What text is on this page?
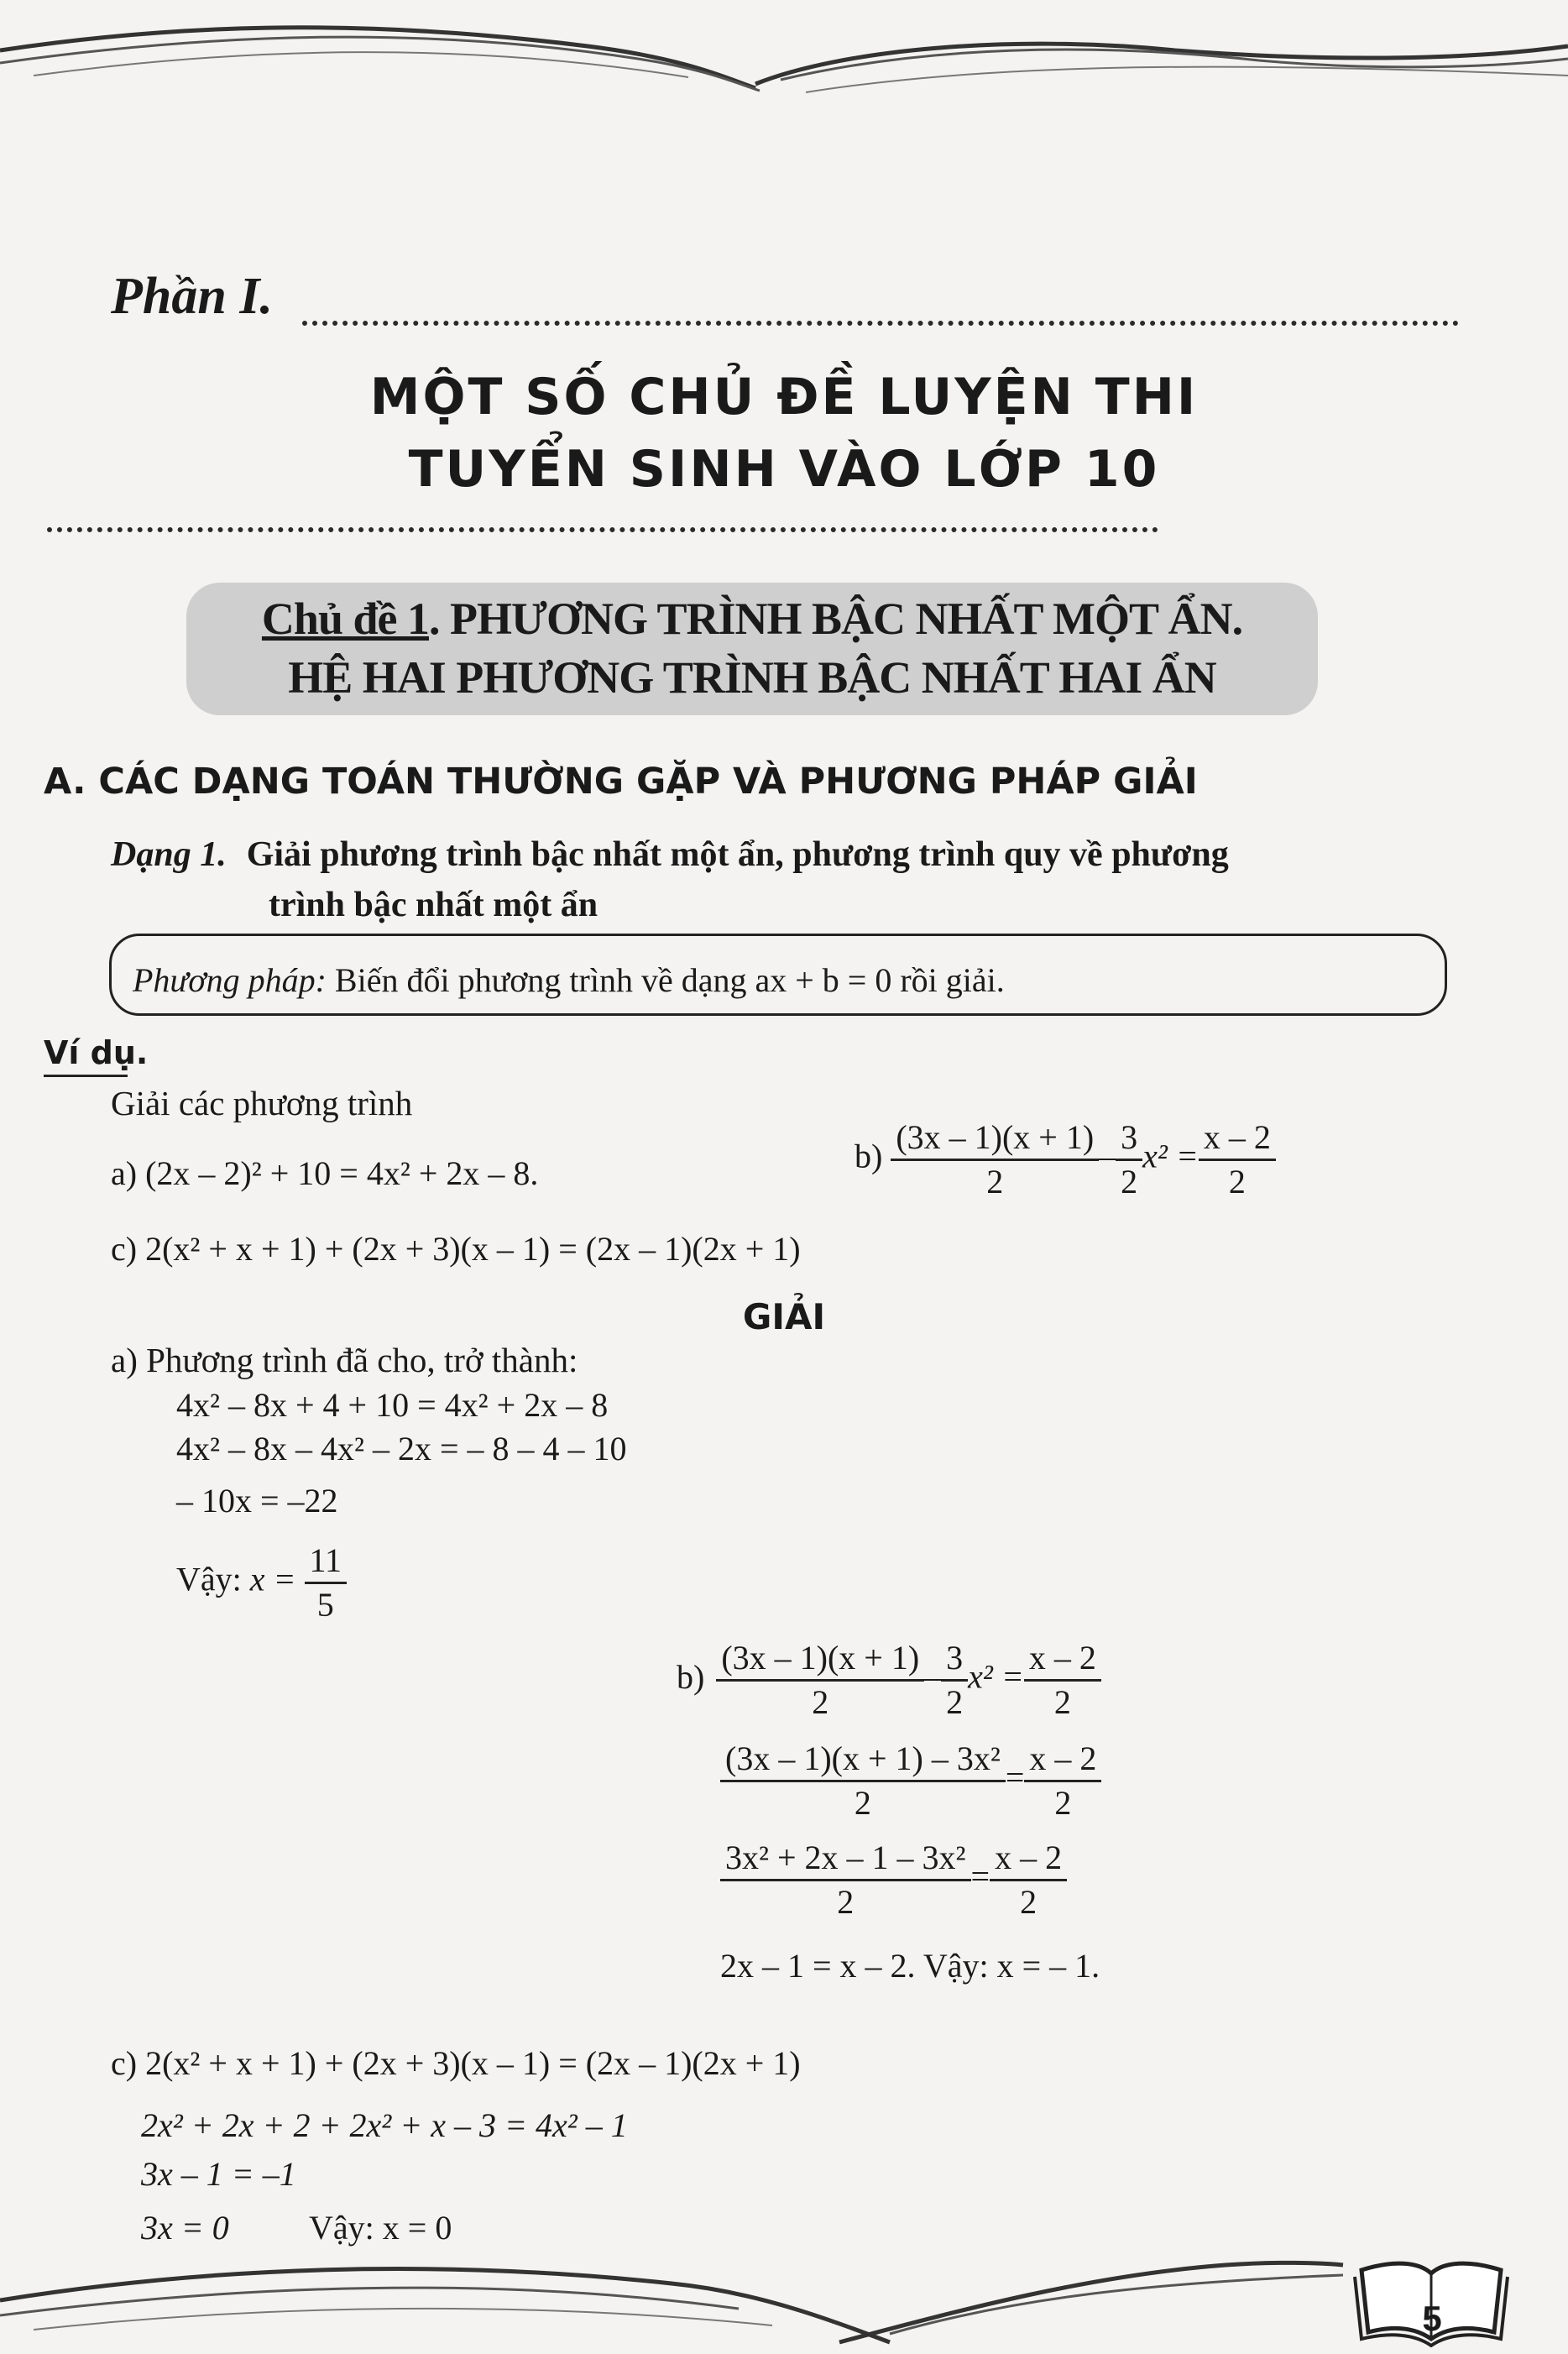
Phần I.
MỘT SỐ CHỦ ĐỀ LUYỆN THI
TUYỂN SINH VÀO LỚP 10
Chủ đề 1. PHƯƠNG TRÌNH BẬC NHẤT MỘT ẨN.
HỆ HAI PHƯƠNG TRÌNH BẬC NHẤT HAI ẨN
A. CÁC DẠNG TOÁN THƯỜNG GẶP VÀ PHƯƠNG PHÁP GIẢI
Dạng 1. Giải phương trình bậc nhất một ẩn, phương trình quy về phương
trình bậc nhất một ẩn
Phương pháp: Biến đổi phương trình về dạng ax + b = 0 rồi giải.
Ví dụ.
Giải các phương trình
a) (2x – 2)² + 10 = 4x² + 2x – 8.	$b) \frac{(3x - 1)(x + 1)}{2} - \frac{3}{2} x^2 = \frac{x - 2}{2}$
c) 2(x² + x + 1) + (2x + 3)(x – 1) = (2x – 1)(2x + 1)
GIẢI
a) Phương trình đã cho, trở thành:
4x² – 8x + 4 + 10 = 4x² + 2x – 8
4x² – 8x – 4x² – 2x = – 8 – 4 – 10
– 10x = –22
Vậy: $x = \frac{11}{5}$
$b) \frac{(3x - 1)(x + 1)}{2} - \frac{3}{2} x^2 = \frac{x - 2}{2}$
$\frac{\text{(3x – 1)(x + 1) – 3x²}}{2} = \frac{x - 2}{2}$
$\frac{\text{3x² + 2x – 1 – 3x²}}{2} = \frac{x - 2}{2}$
2x – 1 = x – 2. Vậy: x = – 1.
c) 2(x² + x + 1) + (2x + 3)(x – 1) = (2x – 1)(2x + 1)
2x² + 2x + 2 + 2x² + x – 3 = 4x² – 1
3x – 1 = –1
3x = 0 Vậy: x = 0
5
